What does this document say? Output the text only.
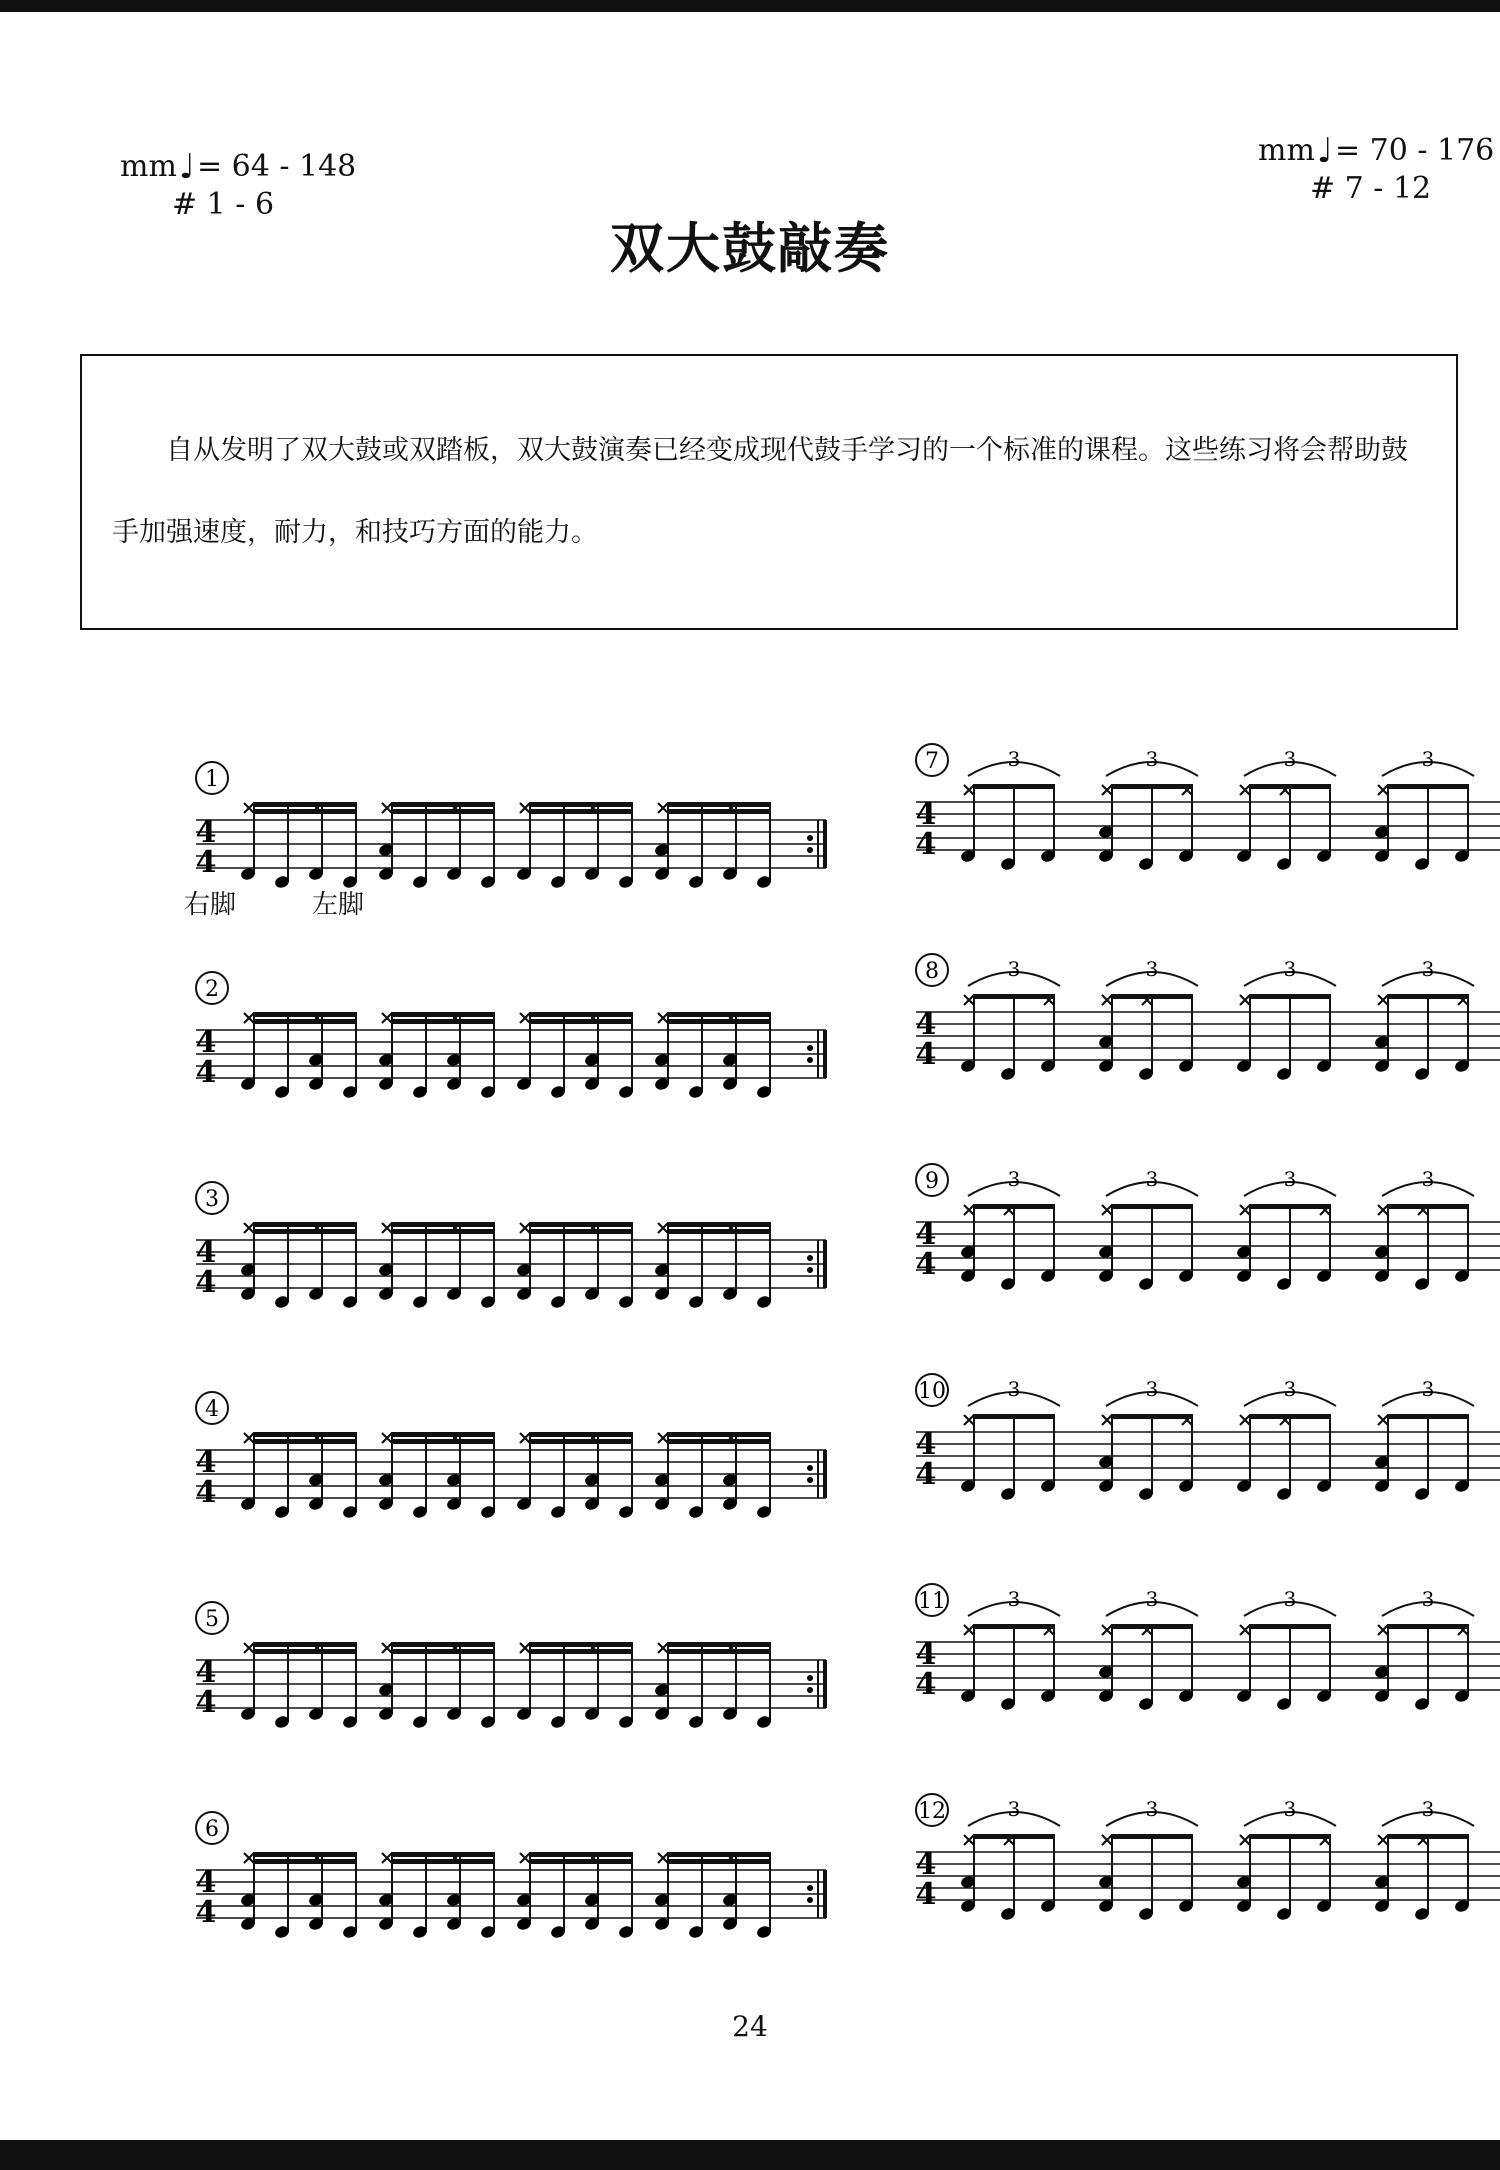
mm♩= 64 - 148
# 1 - 6
mm♩= 70 - 176
# 7 - 12
双大鼓敲奏
自从发明了双大鼓或双踏板，双大鼓演奏已经变成现代鼓手学习的一个标准的课程。这些练习将会帮助鼓手加强速度，耐力，和技巧方面的能力。
1
4
4
2
4
4
3
4
4
4
4
4
5
4
4
6
4
4
7
4
4
3	3	3	3
8
4
4
3	3	3	3
9
4
4
3	3	3	3
10
4
4
3	3	3	3
11
4
4
3	3	3	3
12
4
4
3	3	3	3
右脚	左脚
24
